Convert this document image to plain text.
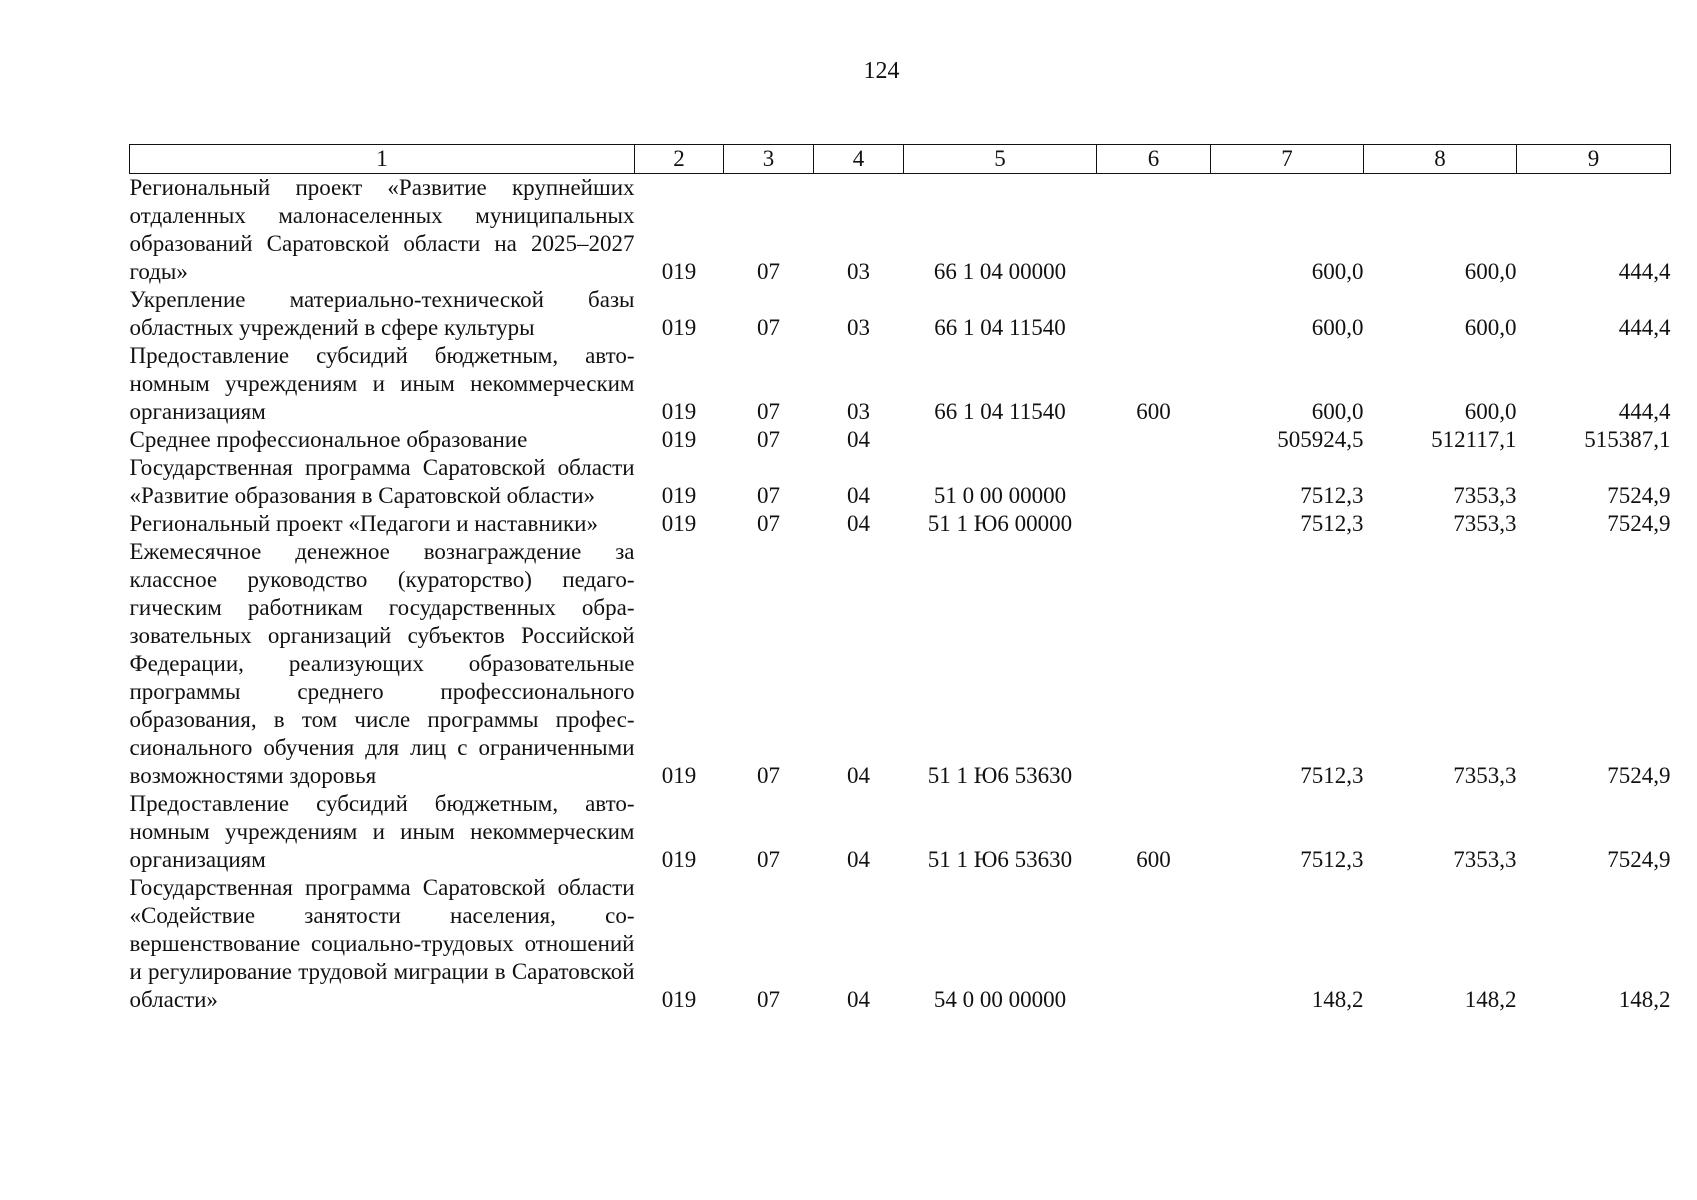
124
1	2	3	4	5	6	7	8	9
Региональный проект «Развитие крупнейших отдаленных малонаселенных муниципальных образований Саратовской области на 2025–2027 годы»	019	07	03	66 1 04 00000		600,0	600,0	444,4
Укрепление материально-технической базы областных учреждений в сфере культуры	019	07	03	66 1 04 11540		600,0	600,0	444,4
Предоставление субсидий бюджетным, автономным учреждениям и иным некоммерческим организациям	019	07	03	66 1 04 11540	600	600,0	600,0	444,4
Среднее профессиональное образование	019	07	04			505924,5	512117,1	515387,1
Государственная программа Саратовской области «Развитие образования в Саратовской области»	019	07	04	51 0 00 00000		7512,3	7353,3	7524,9
Региональный проект «Педагоги и наставники»	019	07	04	51 1 Ю6 00000		7512,3	7353,3	7524,9
Ежемесячное денежное вознаграждение за классное руководство (кураторство) педагогическим работникам государственных образовательных организаций субъектов Российской Федерации, реализующих образовательные программы среднего профессионального образования, в том числе программы профессионального обучения для лиц с ограниченными возможностями здоровья	019	07	04	51 1 Ю6 53630		7512,3	7353,3	7524,9
Предоставление субсидий бюджетным, автономным учреждениям и иным некоммерческим организациям	019	07	04	51 1 Ю6 53630	600	7512,3	7353,3	7524,9
Государственная программа Саратовской области «Содействие занятости населения, совершенствование социально-трудовых отношений и регулирование трудовой миграции в Саратовской области»	019	07	04	54 0 00 00000		148,2	148,2	148,2
